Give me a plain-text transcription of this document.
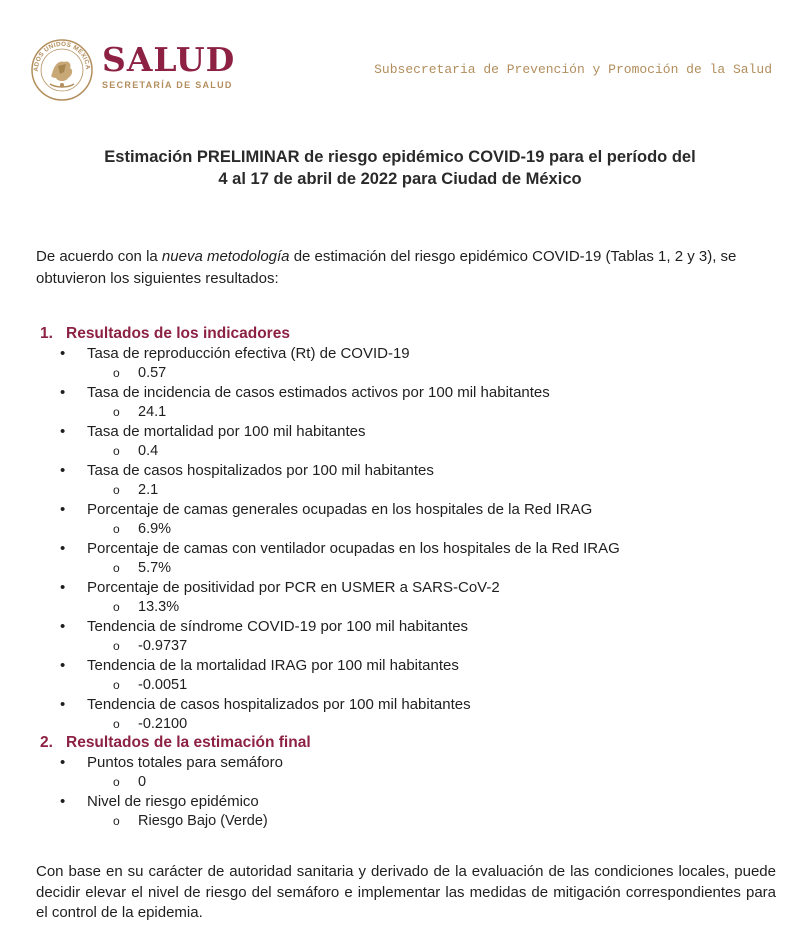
ADOS UNIDOS MEXICA SALUD
SECRETARÍA DE SALUD
Subsecretaria de Prevención y Promoción de la Salud
Estimación PRELIMINAR de riesgo epidémico COVID-19 para el período del
4 al 17 de abril de 2022 para Ciudad de México
De acuerdo con la nueva metodología de estimación del riesgo epidémico COVID-19 (Tablas 1, 2 y 3), se obtuvieron los siguientes resultados:
1. Resultados de los indicadores
• Tasa de reproducción efectiva (Rt) de COVID-19
o 0.57
• Tasa de incidencia de casos estimados activos por 100 mil habitantes
o 24.1
• Tasa de mortalidad por 100 mil habitantes
o 0.4
• Tasa de casos hospitalizados por 100 mil habitantes
o 2.1
• Porcentaje de camas generales ocupadas en los hospitales de la Red IRAG
o 6.9%
• Porcentaje de camas con ventilador ocupadas en los hospitales de la Red IRAG
o 5.7%
• Porcentaje de positividad por PCR en USMER a SARS-CoV-2
o 13.3%
• Tendencia de síndrome COVID-19 por 100 mil habitantes
o -0.9737
• Tendencia de la mortalidad IRAG por 100 mil habitantes
o -0.0051
• Tendencia de casos hospitalizados por 100 mil habitantes
o -0.2100
2. Resultados de la estimación final
• Puntos totales para semáforo
o 0
• Nivel de riesgo epidémico
o Riesgo Bajo (Verde)
Con base en su carácter de autoridad sanitaria y derivado de la evaluación de las condiciones locales, puede decidir elevar el nivel de riesgo del semáforo e implementar las medidas de mitigación correspondientes para el control de la epidemia.
